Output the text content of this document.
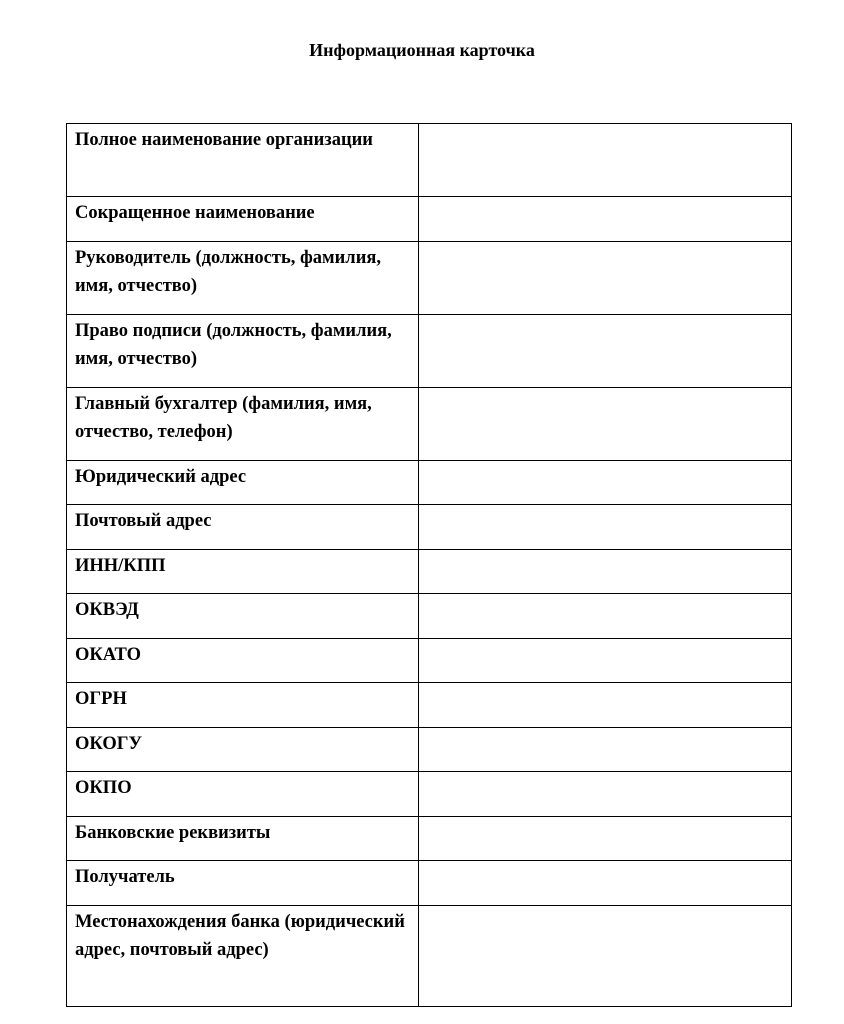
Информационная карточка
Полное наименование организации	
Сокращенное наименование	
Руководитель (должность, фамилия, имя, отчество)	
Право подписи (должность, фамилия, имя, отчество)	
Главный бухгалтер (фамилия, имя, отчество, телефон)	
Юридический адрес	
Почтовый адрес	
ИНН/КПП	
ОКВЭД	
ОКАТО	
ОГРН	
ОКОГУ	
ОКПО	
Банковские реквизиты	
Получатель	
Местонахождения банка (юридический адрес, почтовый адрес)	
